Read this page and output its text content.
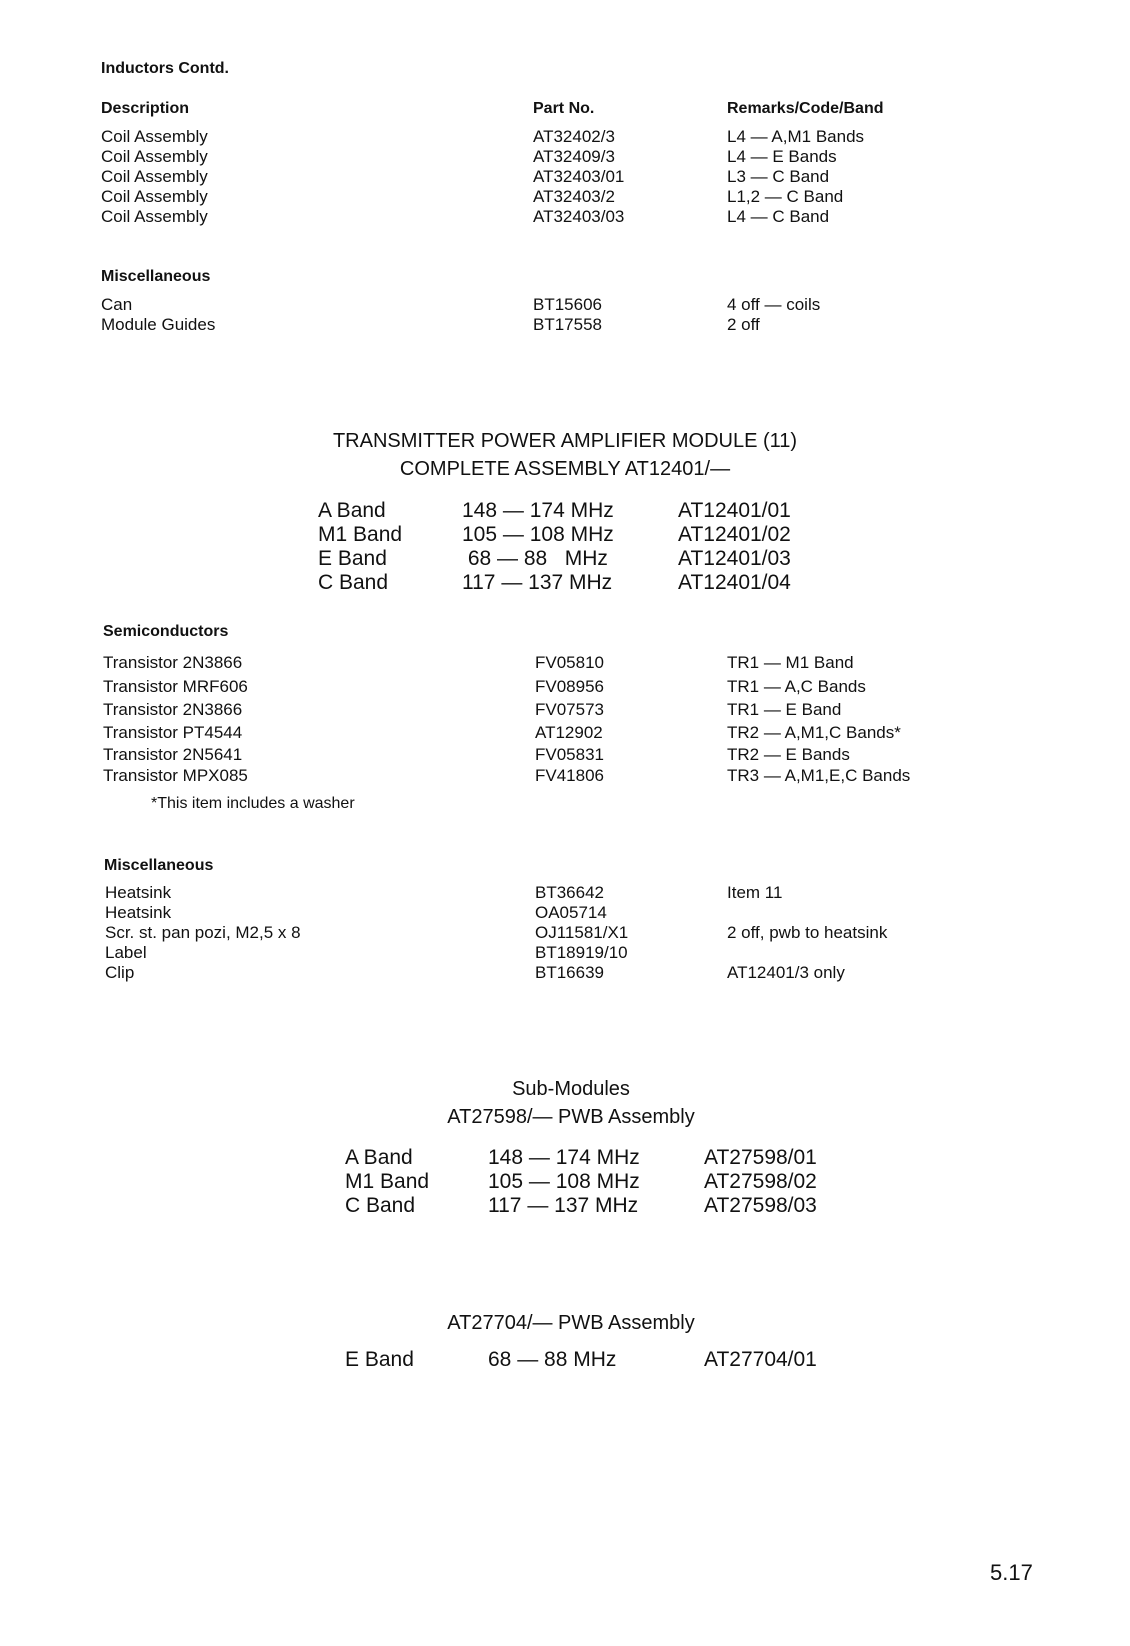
Inductors Contd.
Description	Part No.	Remarks/Code/Band
Coil Assembly	AT32402/3	L4 — A,M1 Bands
Coil Assembly	AT32409/3	L4 — E Bands
Coil Assembly	AT32403/01	L3 — C Band
Coil Assembly	AT32403/2	L1,2 — C Band
Coil Assembly	AT32403/03	L4 — C Band
Miscellaneous
Can	BT15606	4 off — coils
Module Guides	BT17558	2 off
TRANSMITTER POWER AMPLIFIER MODULE (11)
COMPLETE ASSEMBLY AT12401/—
A Band	148 — 174 MHz	AT12401/01
M1 Band	105 — 108 MHz	AT12401/02
E Band	68 — 88   MHz	AT12401/03
C Band	117 — 137 MHz	AT12401/04
Semiconductors
Transistor 2N3866	FV05810	TR1 — M1 Band
Transistor MRF606	FV08956	TR1 — A,C Bands
Transistor 2N3866	FV07573	TR1 — E Band
Transistor PT4544	AT12902	TR2 — A,M1,C Bands*
Transistor 2N5641	FV05831	TR2 — E Bands
Transistor MPX085	FV41806	TR3 — A,M1,E,C Bands
*This item includes a washer
Miscellaneous
Heatsink	BT36642	Item 11
Heatsink	OA05714
Scr. st. pan pozi, M2,5 x 8	OJ11581/X1	2 off, pwb to heatsink
Label	BT18919/10
Clip	BT16639	AT12401/3 only
Sub-Modules
AT27598/— PWB Assembly
A Band	148 — 174 MHz	AT27598/01
M1 Band	105 — 108 MHz	AT27598/02
C Band	117 — 137 MHz	AT27598/03
AT27704/— PWB Assembly
E Band	68 — 88 MHz	AT27704/01
5.17
